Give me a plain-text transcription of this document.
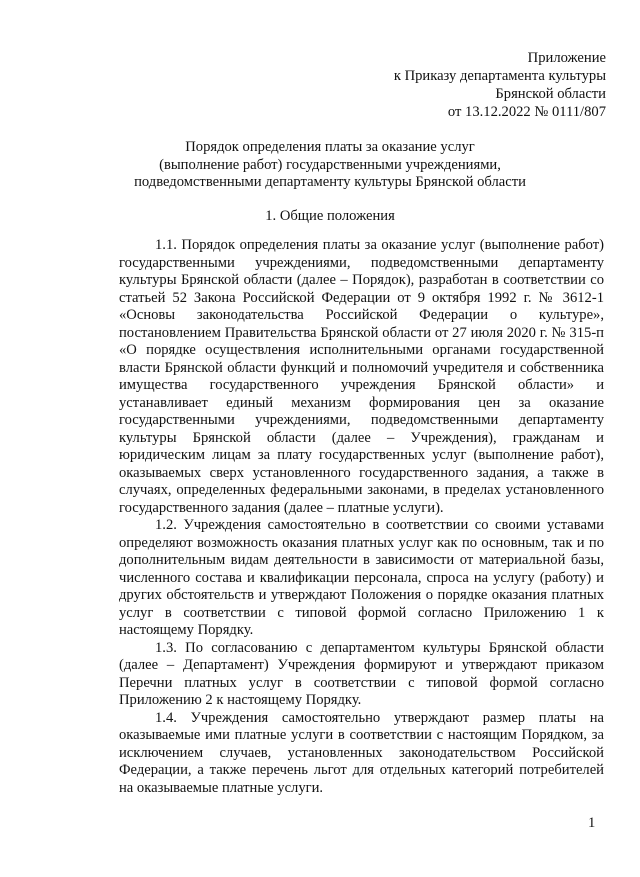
Приложение
к Приказу департамента культуры
Брянской области
от 13.12.2022 № 0111/807
Порядок определения платы за оказание услуг
(выполнение работ) государственными учреждениями,
подведомственными департаменту культуры Брянской области
1. Общие положения

1.1. Порядок определения платы за оказание услуг (выполнение работ) государственными учреждениями, подведомственными департаменту культуры Брянской области (далее – Порядок), разработан в соответствии со статьей 52 Закона Российской Федерации от 9 октября 1992 г. № 3612-1 «Основы законодательства Российской Федерации о культуре», постановлением Правительства Брянской области от 27 июля 2020 г. № 315-п «О порядке осуществления исполнительными органами государственной власти Брянской области функций и полномочий учредителя и собственника имущества государственного учреждения Брянской области» и устанавливает единый механизм формирования цен за оказание государственными учреждениями, подведомственными департаменту культуры Брянской области (далее – Учреждения), гражданам и юридическим лицам за плату государственных услуг (выполнение работ), оказываемых сверх установленного государственного задания, а также в случаях, определенных федеральными законами, в пределах установленного государственного задания (далее – платные услуги).

1.2. Учреждения самостоятельно в соответствии со своими уставами определяют возможность оказания платных услуг как по основным, так и по дополнительным видам деятельности в зависимости от материальной базы, численного состава и квалификации персонала, спроса на услугу (работу) и других обстоятельств и утверждают Положения о порядке оказания платных услуг в соответствии с типовой формой согласно Приложению 1 к настоящему Порядку.

1.3. По согласованию с департаментом культуры Брянской области (далее – Департамент) Учреждения формируют и утверждают приказом Перечни платных услуг в соответствии с типовой формой согласно Приложению 2 к настоящему Порядку.

1.4. Учреждения самостоятельно утверждают размер платы на оказываемые ими платные услуги в соответствии с настоящим Порядком, за исключением случаев, установленных законодательством Российской Федерации, а также перечень льгот для отдельных категорий потребителей на оказываемые платные услуги.

1
